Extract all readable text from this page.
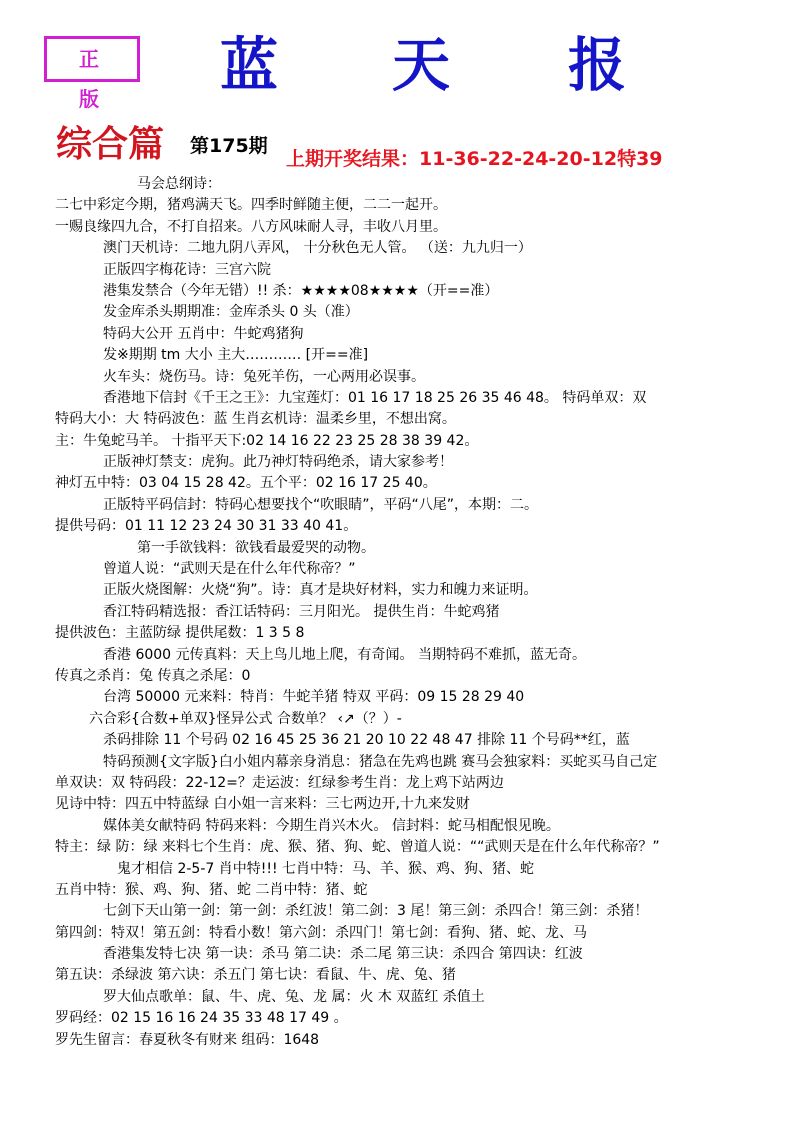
正 版	蓝 天 报
综合篇 第175期
上期开奖结果：11-36-22-24-20-12特39
马会总纲诗：
二七中彩定今期，猪鸡满天飞。四季时鲜随主便，二二一起开。
一赐良缘四九合，不打自招来。八方风味耐人寻，丰收八月里。
澳门天机诗：二地九阴八弄风， 十分秋色无人管。 （送：九九归一）
正版四字梅花诗：三宫六院
港集发禁合（今年无错）!! 杀：★★★★08★★★★（开==准）
发金库杀头期期准：金库杀头 0 头（准）
特码大公开 五肖中：牛蛇鸡猪狗
发※期期 tm 大小 主大………… [开==准]
火车头：烧伤马。诗：兔死羊伤，一心两用必误事。
香港地下信封《千王之王》：九宝莲灯：01 16 17 18 25 26 35 46 48。 特码单双：双
特码大小：大 特码波色：蓝 生肖玄机诗：温柔乡里，不想出窝。
主：牛兔蛇马羊。 十指平天下:02 14 16 22 23 25 28 38 39 42。
正版神灯禁支：虎狗。此乃神灯特码绝杀，请大家参考！
神灯五中特：03 04 15 28 42。五个平：02 16 17 25 40。
正版特平码信封：特码心想要找个“吹眼睛”，平码“八尾”，本期：二。
提供号码：01 11 12 23 24 30 31 33 40 41。
第一手欲钱料：欲钱看最爱哭的动物。
曾道人说：“武则天是在什么年代称帝？”
正版火烧图解：火烧“狗”。诗：真才是块好材料，实力和魄力来证明。
香江特码精选报：香江话特码：三月阳光。 提供生肖：牛蛇鸡猪
提供波色：主蓝防绿 提供尾数：1 3 5 8
香港 6000 元传真料：天上鸟儿地上爬，有奇闻。 当期特码不难抓，蓝无奇。
传真之杀肖：兔 传真之杀尾：0
台湾 50000 元来料：特肖：牛蛇羊猪 特双 平码：09 15 28 29 40
六合彩{合数+单双}怪异公式 合数单？ ‹↗（？）-
杀码排除 11 个号码 02 16 45 25 36 21 20 10 22 48 47 排除 11 个号码**红，蓝
特码预测{文字版}白小姐内幕亲身消息：猪急在先鸡也跳 赛马会独家料：买蛇买马自己定
单双诀：双 特码段：22-12=？走运波：红绿参考生肖：龙上鸡下站两边
见诗中特：四五中特蓝绿 白小姐一言来料：三七两边开,十九来发财
媒体美女献特码 特码来料：今期生肖兴木火。 信封料：蛇马相配恨见晚。
特主：绿 防：绿 来料七个生肖：虎、猴、猪、狗、蛇、曾道人说：““武则天是在什么年代称帝？”
鬼才相信 2-5-7 肖中特!!! 七肖中特：马、羊、猴、鸡、狗、猪、蛇
五肖中特：猴、鸡、狗、猪、蛇 二肖中特：猪、蛇
七剑下天山第一剑：第一剑：杀红波！第二剑：3 尾！第三剑：杀四合！第三剑：杀猪！
第四剑：特双！第五剑：特看小数！第六剑：杀四门！第七剑：看狗、猪、蛇、龙、马
香港集发特七决 第一诀：杀马 第二诀：杀二尾 第三诀：杀四合 第四诀：红波
第五诀：杀绿波 第六诀：杀五门 第七诀：看鼠、牛、虎、兔、猪
罗大仙点歌单：鼠、牛、虎、兔、龙 属：火 木 双蓝红 杀值土
罗码经：02 15 16 16 24 35 33 48 17 49 。
罗先生留言：春夏秋冬有财来 组码：1648
